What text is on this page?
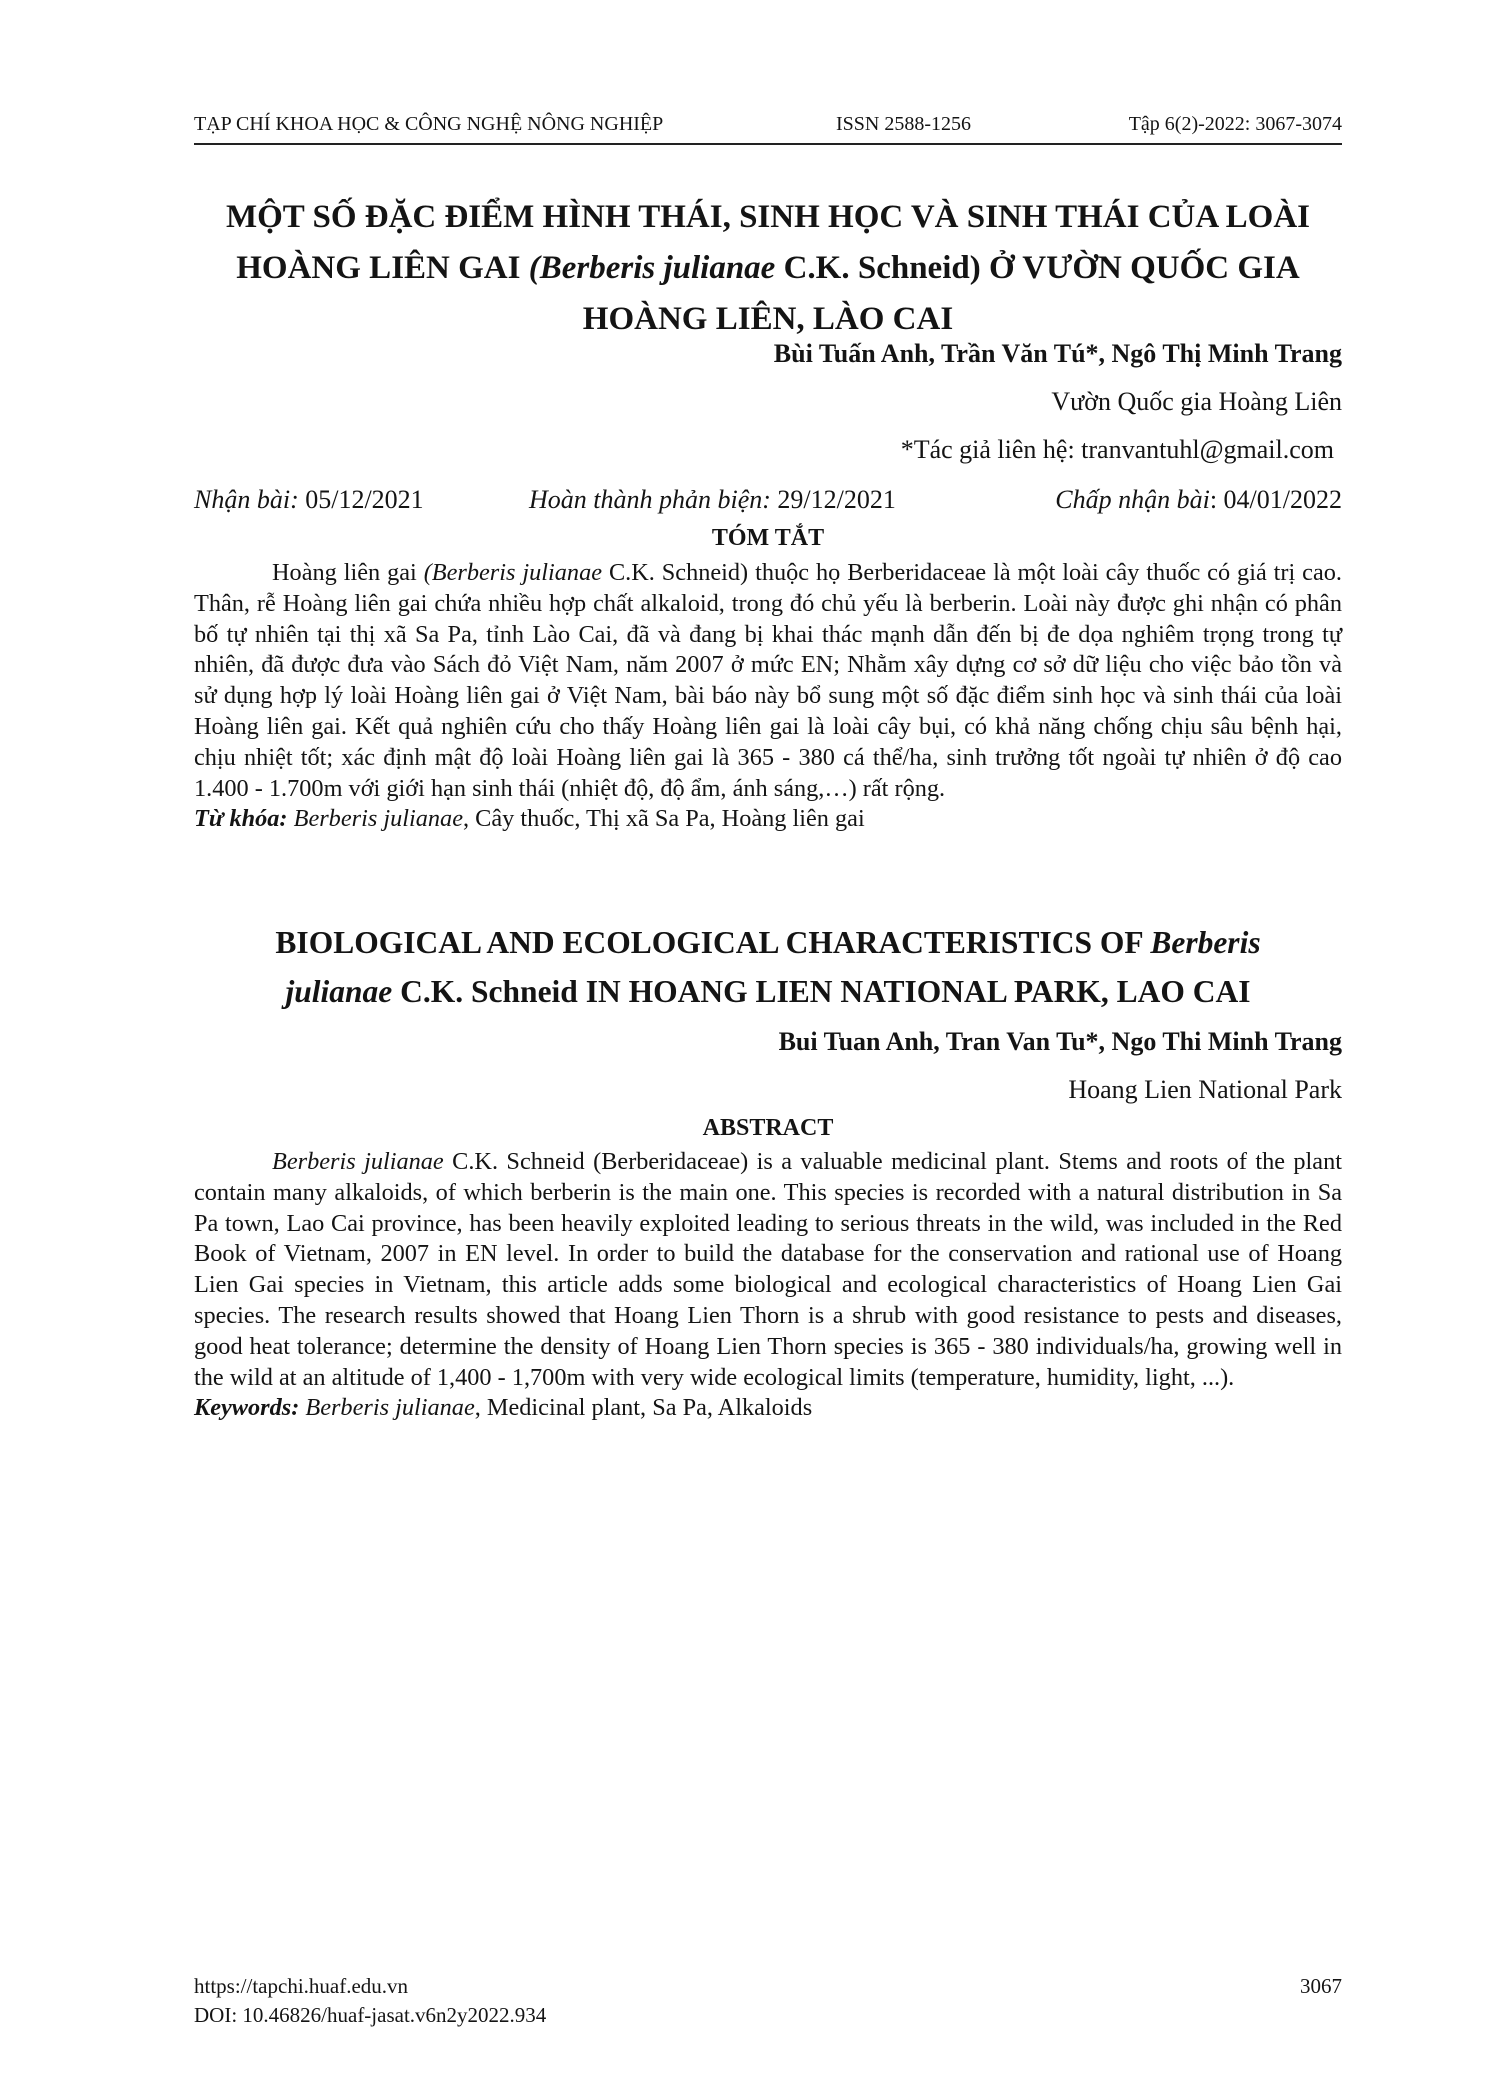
TẠP CHÍ KHOA HỌC & CÔNG NGHỆ NÔNG NGHIỆP	ISSN 2588-1256	Tập 6(2)-2022: 3067-3074
MỘT SỐ ĐẶC ĐIỂM HÌNH THÁI, SINH HỌC VÀ SINH THÁI CỦA LOÀI
HOÀNG LIÊN GAI (Berberis julianae C.K. Schneid) Ở VƯỜN QUỐC GIA
HOÀNG LIÊN, LÀO CAI
Bùi Tuấn Anh, Trần Văn Tú*, Ngô Thị Minh Trang
Vườn Quốc gia Hoàng Liên
*Tác giả liên hệ: tranvantuhl@gmail.com
Nhận bài: 05/12/2021	Hoàn thành phản biện: 29/12/2021	Chấp nhận bài: 04/01/2022
TÓM TẮT

Hoàng liên gai (Berberis julianae C.K. Schneid) thuộc họ Berberidaceae là một loài cây thuốc có giá trị cao. Thân, rễ Hoàng liên gai chứa nhiều hợp chất alkaloid, trong đó chủ yếu là berberin. Loài này được ghi nhận có phân bố tự nhiên tại thị xã Sa Pa, tỉnh Lào Cai, đã và đang bị khai thác mạnh dẫn đến bị đe dọa nghiêm trọng trong tự nhiên, đã được đưa vào Sách đỏ Việt Nam, năm 2007 ở mức EN; Nhằm xây dựng cơ sở dữ liệu cho việc bảo tồn và sử dụng hợp lý loài Hoàng liên gai ở Việt Nam, bài báo này bổ sung một số đặc điểm sinh học và sinh thái của loài Hoàng liên gai. Kết quả nghiên cứu cho thấy Hoàng liên gai là loài cây bụi, có khả năng chống chịu sâu bệnh hại, chịu nhiệt tốt; xác định mật độ loài Hoàng liên gai là 365 - 380 cá thể/ha, sinh trưởng tốt ngoài tự nhiên ở độ cao 1.400 - 1.700m với giới hạn sinh thái (nhiệt độ, độ ẩm, ánh sáng,…) rất rộng.

Từ khóa: Berberis julianae, Cây thuốc, Thị xã Sa Pa, Hoàng liên gai

BIOLOGICAL AND ECOLOGICAL CHARACTERISTICS OF Berberis
julianae C.K. Schneid IN HOANG LIEN NATIONAL PARK, LAO CAI
Bui Tuan Anh, Tran Van Tu*, Ngo Thi Minh Trang
Hoang Lien National Park
ABSTRACT

Berberis julianae C.K. Schneid (Berberidaceae) is a valuable medicinal plant. Stems and roots of the plant contain many alkaloids, of which berberin is the main one. This species is recorded with a natural distribution in Sa Pa town, Lao Cai province, has been heavily exploited leading to serious threats in the wild, was included in the Red Book of Vietnam, 2007 in EN level. In order to build the database for the conservation and rational use of Hoang Lien Gai species in Vietnam, this article adds some biological and ecological characteristics of Hoang Lien Gai species. The research results showed that Hoang Lien Thorn is a shrub with good resistance to pests and diseases, good heat tolerance; determine the density of Hoang Lien Thorn species is 365 - 380 individuals/ha, growing well in the wild at an altitude of 1,400 - 1,700m with very wide ecological limits (temperature, humidity, light, ...).

Keywords: Berberis julianae, Medicinal plant, Sa Pa, Alkaloids

https://tapchi.huaf.edu.vn
DOI: 10.46826/huaf-jasat.v6n2y2022.934
3067
